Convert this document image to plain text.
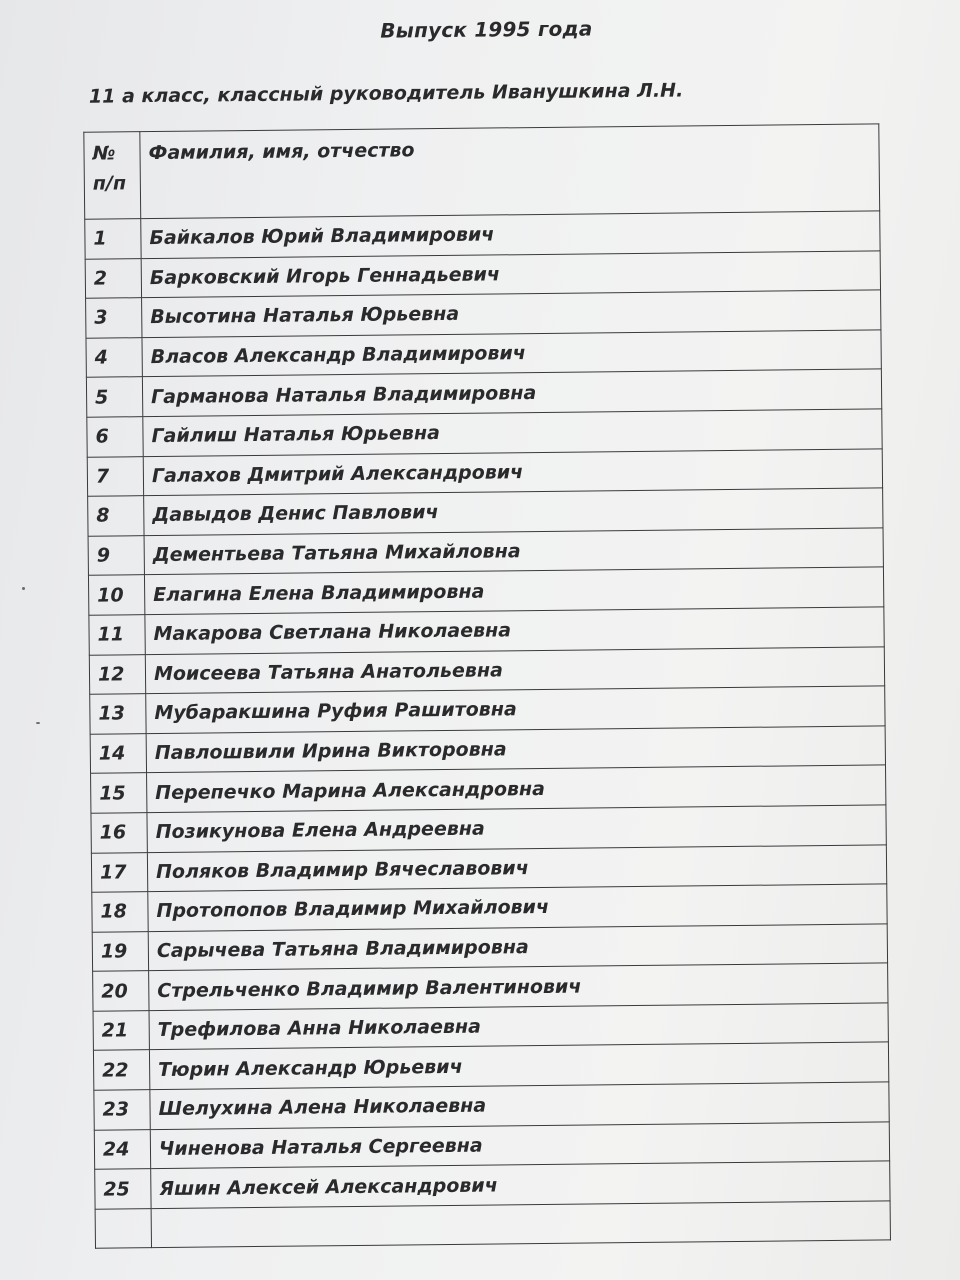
Выпуск 1995 года
11 а класс, классный руководитель Иванушкина Л.Н.
№
п/п	Фамилия, имя, отчество
1	Байкалов Юрий Владимирович
2	Барковский Игорь Геннадьевич
3	Высотина Наталья Юрьевна
4	Власов Александр Владимирович
5	Гарманова Наталья Владимировна
6	Гайлиш Наталья Юрьевна
7	Галахов Дмитрий Александрович
8	Давыдов Денис Павлович
9	Дементьева Татьяна Михайловна
10	Елагина Елена Владимировна
11	Макарова Светлана Николаевна
12	Моисеева Татьяна Анатольевна
13	Мубаракшина Руфия Рашитовна
14	Павлошвили Ирина Викторовна
15	Перепечко Марина Александровна
16	Позикунова Елена Андреевна
17	Поляков Владимир Вячеславович
18	Протопопов Владимир Михайлович
19	Сарычева Татьяна Владимировна
20	Стрельченко Владимир Валентинович
21	Трефилова Анна Николаевна
22	Тюрин Александр Юрьевич
23	Шелухина Алена Николаевна
24	Чиненова Наталья Сергеевна
25	Яшин Алексей Александрович
